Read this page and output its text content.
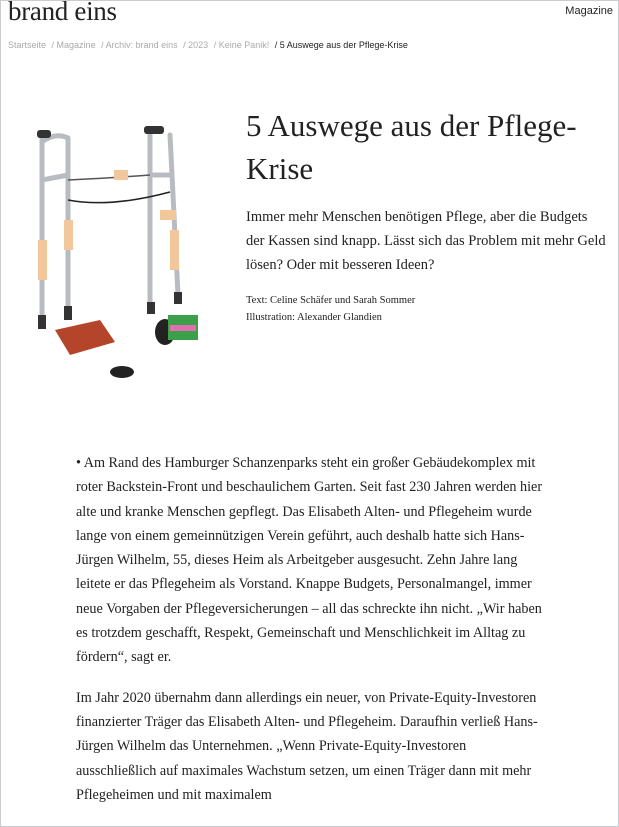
brand eins	Magazine
Startseite / Magazine / Archiv: brand eins / 2023 / Keine Panik! / 5 Auswege aus der Pflege-Krise
5 Auswege aus der Pflege-Krise

Immer mehr Menschen benötigen Pflege, aber die Budgets der Kassen sind knapp. Lässt sich das Problem mit mehr Geld lösen? Oder mit besseren Ideen?

Text: Celine Schäfer und Sarah Sommer
Illustration: Alexander Glandien

• Am Rand des Hamburger Schanzenparks steht ein großer Gebäudekomplex mit roter Backstein-Front und beschaulichem Garten. Seit fast 230 Jahren werden hier alte und kranke Menschen gepflegt. Das Elisabeth Alten- und Pflegeheim wurde lange von einem gemeinnützigen Verein geführt, auch deshalb hatte sich Hans-Jürgen Wilhelm, 55, dieses Heim als Arbeitgeber ausgesucht. Zehn Jahre lang leitete er das Pflegeheim als Vorstand. Knappe Budgets, Personalmangel, immer neue Vorgaben der Pflegeversicherungen – all das schreckte ihn nicht. „Wir haben es trotzdem geschafft, Respekt, Gemeinschaft und Menschlichkeit im Alltag zu fördern“, sagt er.

Im Jahr 2020 übernahm dann allerdings ein neuer, von Private-Equity-Investoren finanzierter Träger das Elisabeth Alten- und Pflegeheim. Daraufhin verließ Hans-Jürgen Wilhelm das Unternehmen. „Wenn Private-Equity-Investoren ausschließlich auf maximales Wachstum setzen, um einen Träger dann mit mehr Pflegeheimen und mit maximalem
